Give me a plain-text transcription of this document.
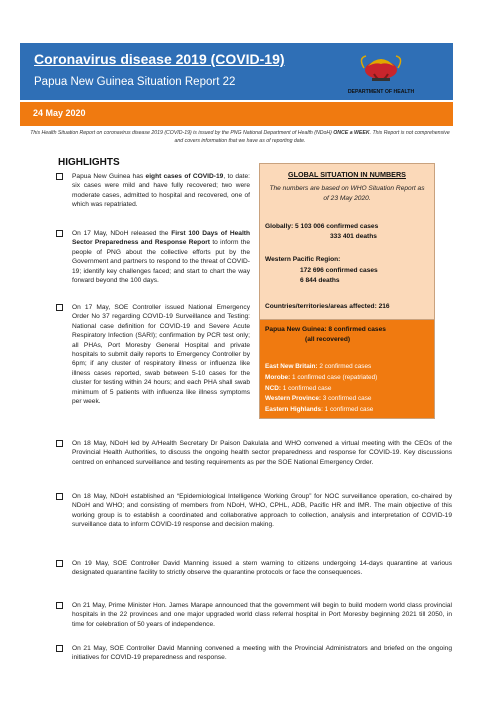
Coronavirus disease 2019 (COVID-19)
Papua New Guinea Situation Report 22
DEPARTMENT OF HEALTH
24 May 2020
This Health Situation Report on coronavirus disease 2019 (COVID-19) is issued by the PNG National Department of Health (NDoH) ONCE a WEEK. This Report is not comprehensive and covers information that we have as of reporting date.
HIGHLIGHTS

Papua New Guinea has eight cases of COVID-19, to date: six cases were mild and have fully recovered; two were moderate cases, admitted to hospital and recovered, one of which was repatriated.

On 17 May, NDoH released the First 100 Days of Health Sector Preparedness and Response Report to inform the people of PNG about the collective efforts put by the Government and partners to respond to the threat of COVID-19; identify key challenges faced; and start to chart the way forward beyond the 100 days.

On 17 May, SOE Controller issued National Emergency Order No 37 regarding COVID-19 Surveillance and Testing: National case definition for COVID-19 and Severe Acute Respiratory Infection (SARI); confirmation by PCR test only; all PHAs, Port Moresby General Hospital and private hospitals to submit daily reports to Emergency Controller by 6pm; if any cluster of respiratory illness or influenza like illness cases reported, swab between 5-10 cases for the cluster for testing within 24 hours; and each PHA shall swab minimum of 5 patients with influenza like illness symptoms per week.

On 18 May, NDoH led by A/Health Secretary Dr Paison Dakulala and WHO convened a virtual meeting with the CEOs of the Provincial Health Authorities, to discuss the ongoing health sector preparedness and response for COVID-19. Key discussions centred on enhanced surveillance and testing requirements as per the SOE National Emergency Order.

On 18 May, NDoH established an “Epidemiological Intelligence Working Group” for NOC surveillance operation, co-chaired by NDoH and WHO; and consisting of members from NDoH, WHO, CPHL, ADB, Pacific HR and IMR. The main objective of this working group is to establish a coordinated and collaborative approach to collection, analysis and interpretation of COVID-19 surveillance data to inform COVID-19 response and decision making.

On 19 May, SOE Controller David Manning issued a stern warning to citizens undergoing 14-days quarantine at various designated quarantine facility to strictly observe the quarantine protocols or face the consequences.

On 21 May, Prime Minister Hon. James Marape announced that the government will begin to build modern world class provincial hospitals in the 22 provinces and one major upgraded world class referral hospital in Port Moresby beginning 2021 till 2050, in time for celebration of 50 years of independence.

On 21 May, SOE Controller David Manning convened a meeting with the Provincial Administrators and briefed on the ongoing initiatives for COVID-19 preparedness and response.

GLOBAL SITUATION IN NUMBERS
The numbers are based on WHO Situation Report as of 23 May 2020.
Globally: 5 103 006 confirmed cases
333 401 deaths
Western Pacific Region:
172 696 confirmed cases
6 844 deaths
Countries/territories/areas affected: 216
Papua New Guinea: 8 confirmed cases
(all recovered)
East New Britain: 2 confirmed cases
Morobe: 1 confirmed case (repatriated)
NCD: 1 confirmed case
Western Province: 3 confirmed case
Eastern Highlands: 1 confirmed case
